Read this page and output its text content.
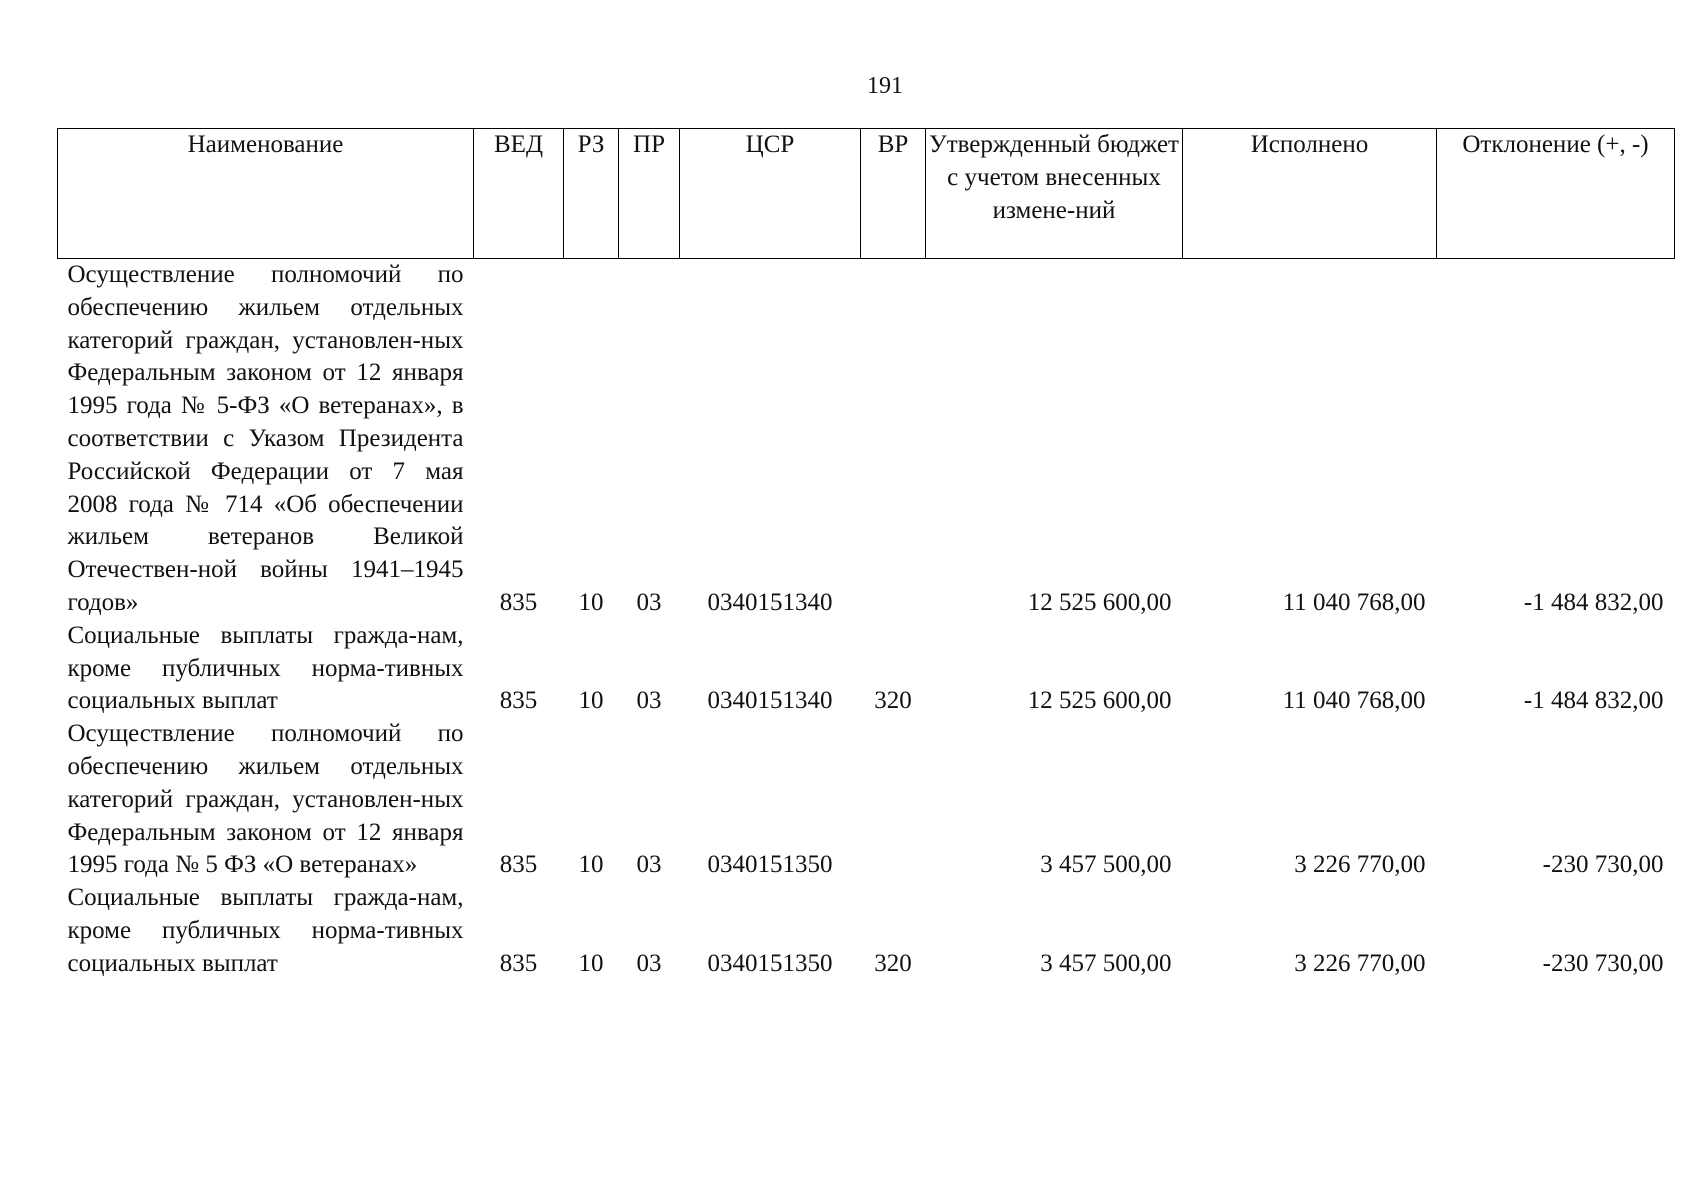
191
Наименование	ВЕД	РЗ	ПР	ЦСР	ВР	Утвержденный бюджет с учетом внесенных измене-ний	Исполнено	Отклонение (+, -)
Осуществление полномочий по обеспечению жильем отдельных категорий граждан, установлен-ных Федеральным законом от 12 января 1995 года № 5-ФЗ «О ветеранах», в соответствии с Указом Президента Российской Федерации от 7 мая 2008 года № 714 «Об обеспечении жильем ветеранов Великой Отечествен-ной войны 1941–1945 годов»	835	10	03	0340151340		12 525 600,00	11 040 768,00	-1 484 832,00
Социальные выплаты гражда-нам, кроме публичных норма-тивных социальных выплат	835	10	03	0340151340	320	12 525 600,00	11 040 768,00	-1 484 832,00
Осуществление полномочий по обеспечению жильем отдельных категорий граждан, установлен-ных Федеральным законом от 12 января 1995 года № 5 ФЗ «О ветеранах»	835	10	03	0340151350		3 457 500,00	3 226 770,00	-230 730,00
Социальные выплаты гражда-нам, кроме публичных норма-тивных социальных выплат	835	10	03	0340151350	320	3 457 500,00	3 226 770,00	-230 730,00
